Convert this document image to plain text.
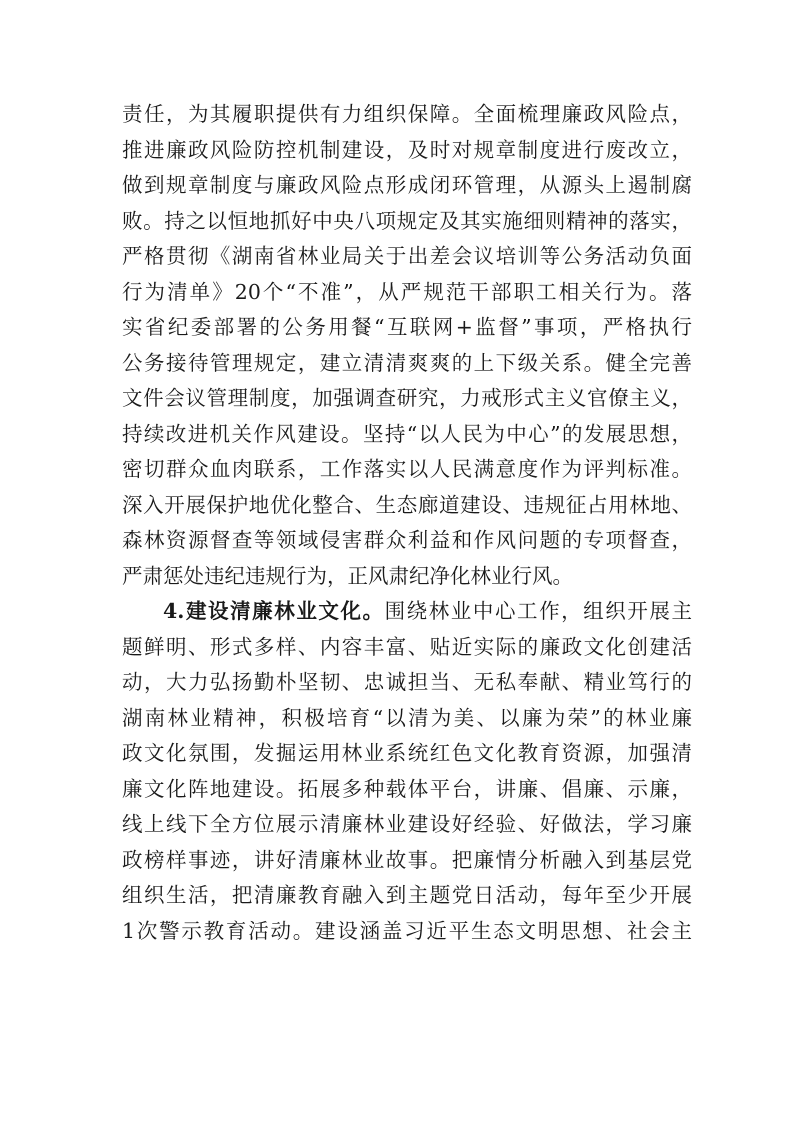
责任，为其履职提供有力组织保障。全面梳理廉政风险点，
推进廉政风险防控机制建设，及时对规章制度进行废改立，
做到规章制度与廉政风险点形成闭环管理，从源头上遏制腐
败。持之以恒地抓好中央八项规定及其实施细则精神的落实，
严格贯彻《湖南省林业局关于出差会议培训等公务活动负面
行为清单》20个“不准”，从严规范干部职工相关行为。落
实省纪委部署的公务用餐“互联网+监督”事项，严格执行
公务接待管理规定，建立清清爽爽的上下级关系。健全完善
文件会议管理制度，加强调查研究，力戒形式主义官僚主义，
持续改进机关作风建设。坚持“以人民为中心”的发展思想，
密切群众血肉联系，工作落实以人民满意度作为评判标准。
深入开展保护地优化整合、生态廊道建设、违规征占用林地、
森林资源督查等领域侵害群众利益和作风问题的专项督查，
严肃惩处违纪违规行为，正风肃纪净化林业行风。
4.建设清廉林业文化。围绕林业中心工作，组织开展主
题鲜明、形式多样、内容丰富、贴近实际的廉政文化创建活
动，大力弘扬勤朴坚韧、忠诚担当、无私奉献、精业笃行的
湖南林业精神，积极培育“以清为美、以廉为荣”的林业廉
政文化氛围，发掘运用林业系统红色文化教育资源，加强清
廉文化阵地建设。拓展多种载体平台，讲廉、倡廉、示廉，
线上线下全方位展示清廉林业建设好经验、好做法，学习廉
政榜样事迹，讲好清廉林业故事。把廉情分析融入到基层党
组织生活，把清廉教育融入到主题党日活动，每年至少开展
1次警示教育活动。建设涵盖习近平生态文明思想、社会主
